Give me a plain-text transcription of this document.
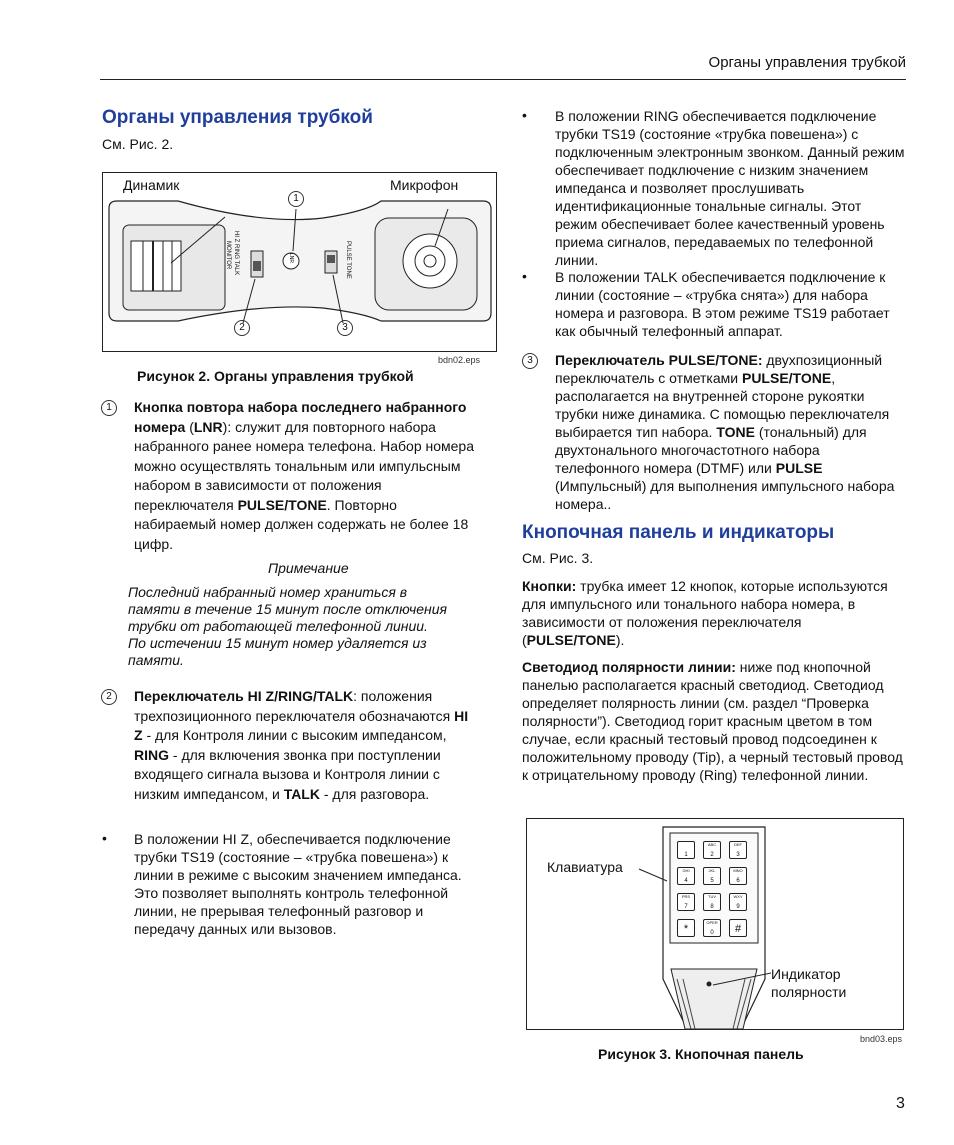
Органы управления трубкой
Органы управления трубкой
См. Рис. 2.
Динамик	Микрофон
1
2	3
HI Z RING TALK
MONITOR	LNR	PULSE TONE
bdn02.eps
Рисунок 2. Органы управления трубкой
1	Кнопка повтора набора последнего набранного номера (LNR): служит для повторного набора набранного ранее номера телефона. Набор номера можно осуществлять тональным или импульсным набором в зависимости от положения переключателя PULSE/TONE. Повторно набираемый номер должен содержать не более 18 цифр.
Примечание
Последний набранный номер храниться в памяти в течение 15 минут после отключения трубки от работающей телефонной линии. По истечении 15 минут номер удаляется из памяти.
2	Переключатель HI Z/RING/TALK: положения трехпозиционного переключателя обозначаются HI Z - для Контроля линии с высоким импедансом, RING - для включения звонка при поступлении входящего сигнала вызова и Контроля линии с низким импедансом, и TALK - для разговора.
• В положении HI Z, обеспечивается подключение трубки TS19 (состояние – «трубка повешена») к линии в режиме с высоким значением импеданса. Это позволяет выполнять контроль телефонной линии, не прерывая телефонный разговор и передачу данных или вызовов.
• В положении RING обеспечивается подключение трубки TS19 (состояние «трубка повешена») с подключенным электронным звонком. Данный режим обеспечивает подключение с низким значением импеданса и позволяет прослушивать идентификационные тональные сигналы. Этот режим обеспечивает более качественный уровень приема сигналов, передаваемых по телефонной линии.
• В положении TALK обеспечивается подключение к линии (состояние – «трубка снята») для набора номера и разговора. В этом режиме TS19 работает как обычный телефонный аппарат.
3	Переключатель PULSE/TONE: двухпозиционный переключатель с отметками PULSE/TONE, располагается на внутренней стороне рукоятки трубки ниже динамика. С помощью переключателя выбирается тип набора. TONE (тональный) для двухтонального многочастотного набора телефонного номера (DTMF) или PULSE (Импульсный) для выполнения импульсного набора номера..
Кнопочная панель и индикаторы
См. Рис. 3.
Кнопки: трубка имеет 12 кнопок, которые используются для импульсного или тонального набора номера, в зависимости от положения переключателя (PULSE/TONE).
Светодиод полярности линии: ниже под кнопочной панелью располагается красный светодиод. Светодиод определяет полярность линии (см. раздел “Проверка полярности”). Светодиод горит красным цветом в том случае, если красный тестовый провод подсоединен к положительному проводу (Tip), а черный тестовый провод к отрицательному проводу (Ring) телефонной линии.
1
ABC
2
DEF
3
GHI
4
JKL
5
MNO
6
PRS
7
TUV
8
WXY
9
*
OPER
0	#
Клавиатура
Индикатор
полярности
bnd03.eps
Рисунок 3. Кнопочная панель
3
